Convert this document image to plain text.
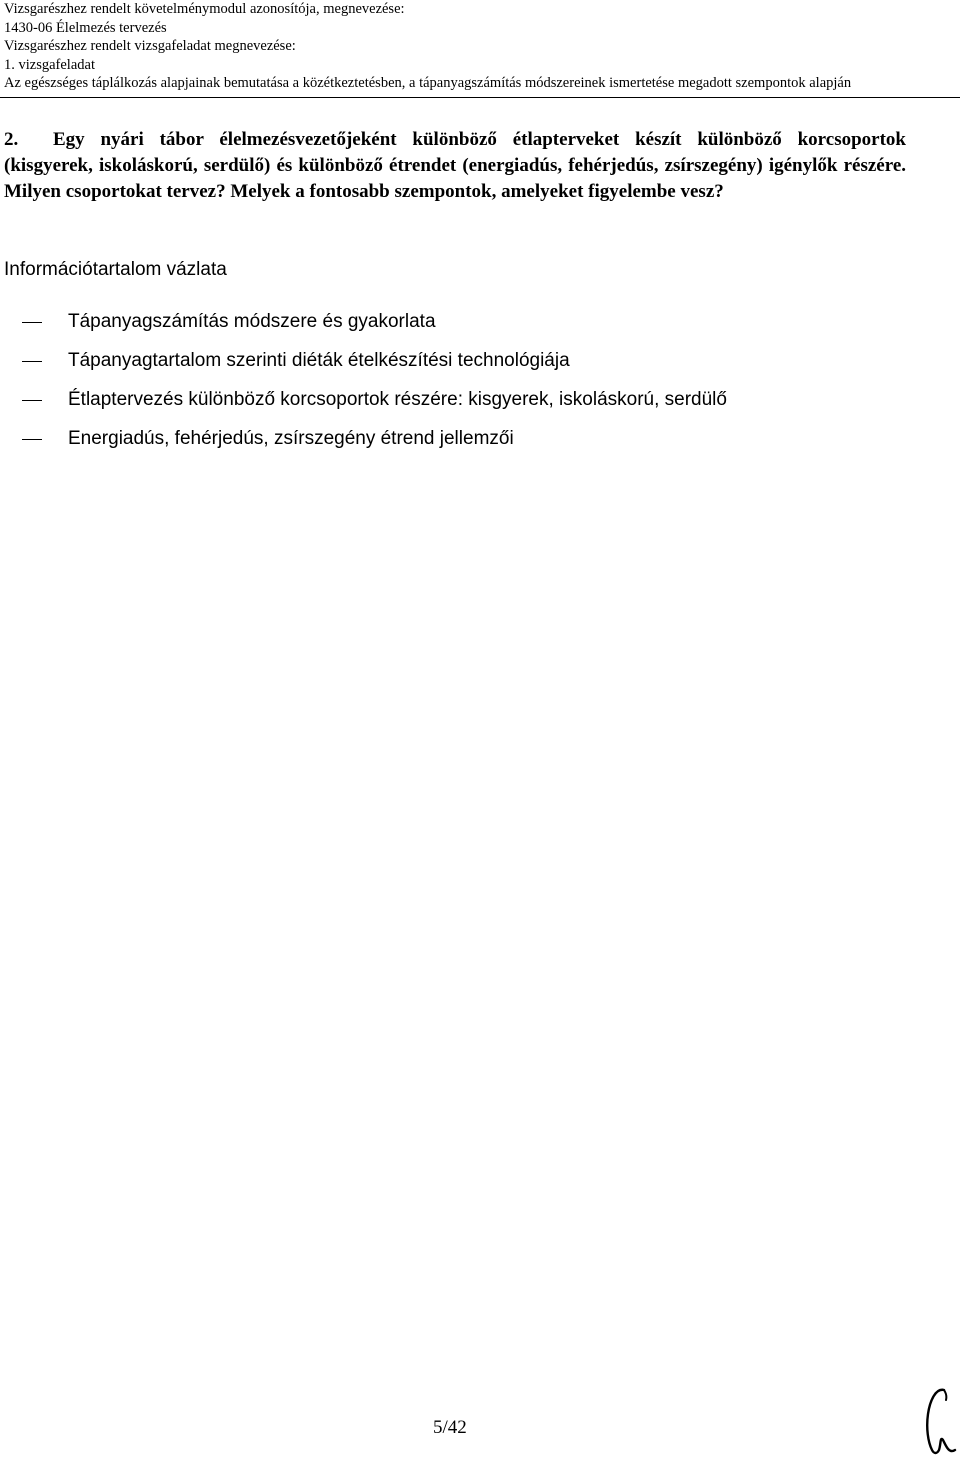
Vizsgarészhez rendelt követelménymodul azonosítója, megnevezése:
1430-06 Élelmezés tervezés
Vizsgarészhez rendelt vizsgafeladat megnevezése:
1. vizsgafeladat
Az egészséges táplálkozás alapjainak bemutatása a közétkeztetésben, a tápanyagszámítás módszereinek ismertetése megadott szempontok alapján
2. Egy nyári tábor élelmezésvezetőjeként különböző étlapterveket készít különböző korcsoportok (kisgyerek, iskoláskorú, serdülő) és különböző étrendet (energiadús, fehérjedús, zsírszegény) igénylők részére. Milyen csoportokat tervez? Melyek a fontosabb szempontok, amelyeket figyelembe vesz?
Információtartalom vázlata
Tápanyagszámítás módszere és gyakorlata
Tápanyagtartalom szerinti diéták ételkészítési technológiája
Étlaptervezés különböző korcsoportok részére: kisgyerek, iskoláskorú, serdülő
Energiadús, fehérjedús, zsírszegény étrend jellemzői
5/42
